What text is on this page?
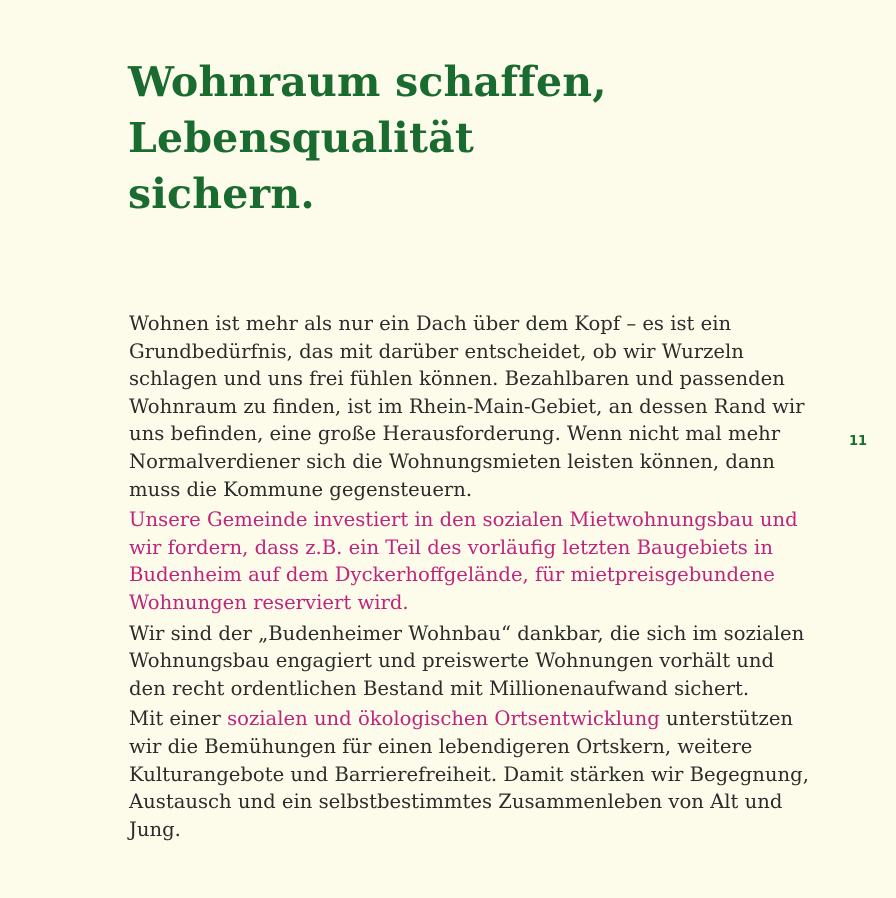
Wohnraum schaffen,
Lebensqualität
sichern.

Wohnen ist mehr als nur ein Dach über dem Kopf – es ist ein
Grundbedürfnis, das mit darüber entscheidet, ob wir Wurzeln
schlagen und uns frei fühlen können. Bezahlbaren und passenden
Wohnraum zu finden, ist im Rhein-Main-Gebiet, an dessen Rand wir
uns befinden, eine große Herausforderung. Wenn nicht mal mehr
Normalverdiener sich die Wohnungsmieten leisten können, dann
muss die Kommune gegensteuern.

Unsere Gemeinde investiert in den sozialen Mietwohnungsbau und
wir fordern, dass z.B. ein Teil des vorläufig letzten Baugebiets in
Budenheim auf dem Dyckerhoffgelände, für mietpreisgebundene
Wohnungen reserviert wird.

Wir sind der „Budenheimer Wohnbau“ dankbar, die sich im sozialen
Wohnungsbau engagiert und preiswerte Wohnungen vorhält und
den recht ordentlichen Bestand mit Millionenaufwand sichert.

Mit einer sozialen und ökologischen Ortsentwicklung unterstützen
wir die Bemühungen für einen lebendigeren Ortskern, weitere
Kulturangebote und Barrierefreiheit. Damit stärken wir Begegnung,
Austausch und ein selbstbestimmtes Zusammenleben von Alt und
Jung.

11
